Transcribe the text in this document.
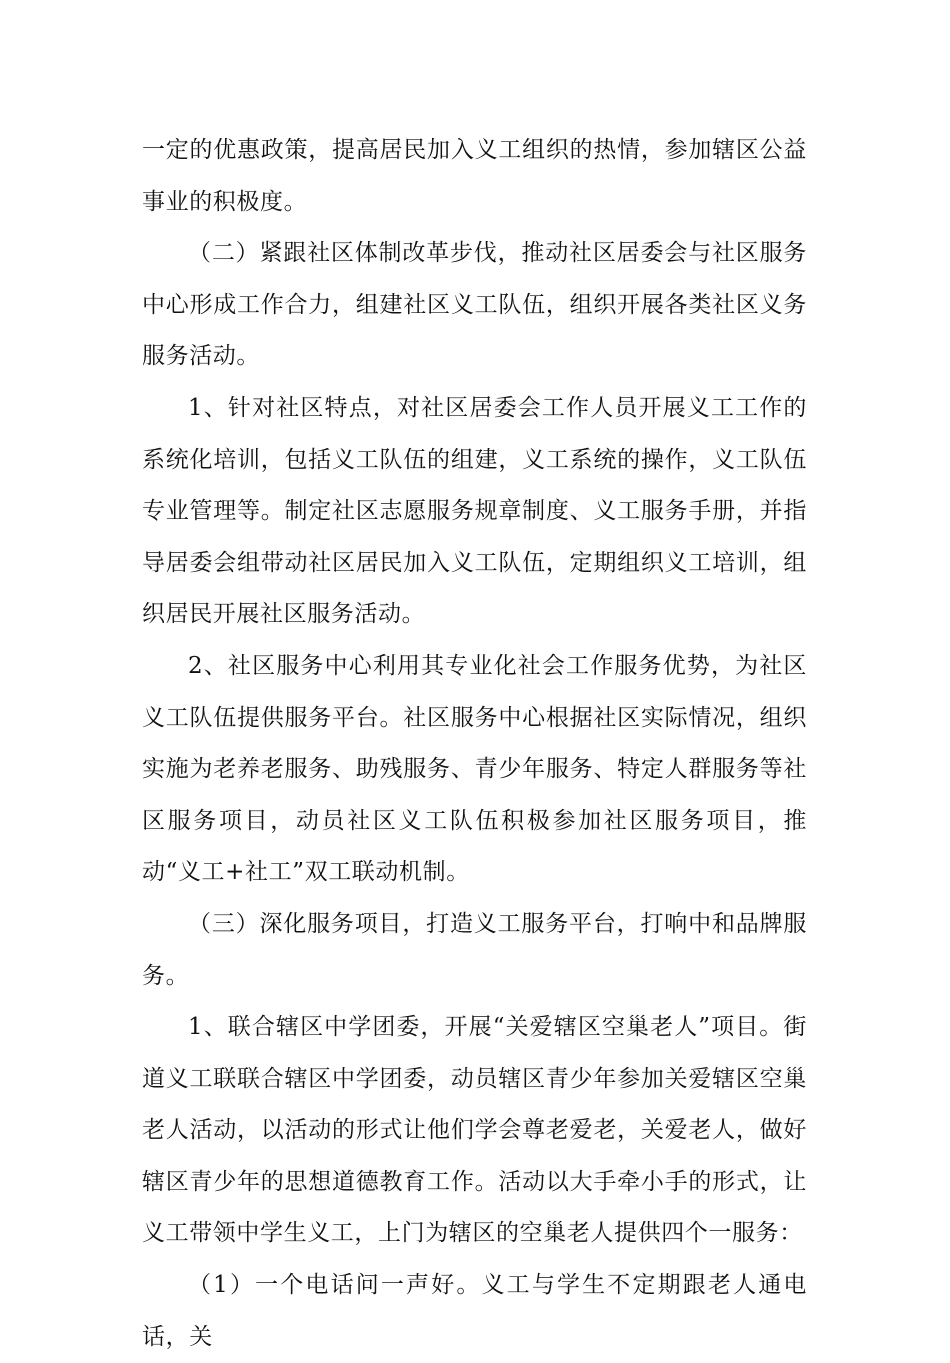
一定的优惠政策，提高居民加入义工组织的热情，参加辖区公益事业的积极度。

（二）紧跟社区体制改革步伐，推动社区居委会与社区服务中心形成工作合力，组建社区义工队伍，组织开展各类社区义务服务活动。

1、针对社区特点，对社区居委会工作人员开展义工工作的系统化培训，包括义工队伍的组建，义工系统的操作，义工队伍专业管理等。制定社区志愿服务规章制度、义工服务手册，并指导居委会组带动社区居民加入义工队伍，定期组织义工培训，组织居民开展社区服务活动。

2、社区服务中心利用其专业化社会工作服务优势，为社区义工队伍提供服务平台。社区服务中心根据社区实际情况，组织实施为老养老服务、助残服务、青少年服务、特定人群服务等社区服务项目，动员社区义工队伍积极参加社区服务项目，推动“义工+社工”双工联动机制。

（三）深化服务项目，打造义工服务平台，打响中和品牌服务。

1、联合辖区中学团委，开展“关爱辖区空巢老人”项目。街道义工联联合辖区中学团委，动员辖区青少年参加关爱辖区空巢老人活动，以活动的形式让他们学会尊老爱老，关爱老人，做好辖区青少年的思想道德教育工作。活动以大手牵小手的形式，让义工带领中学生义工，上门为辖区的空巢老人提供四个一服务：

（1）一个电话问一声好。义工与学生不定期跟老人通电话，关
